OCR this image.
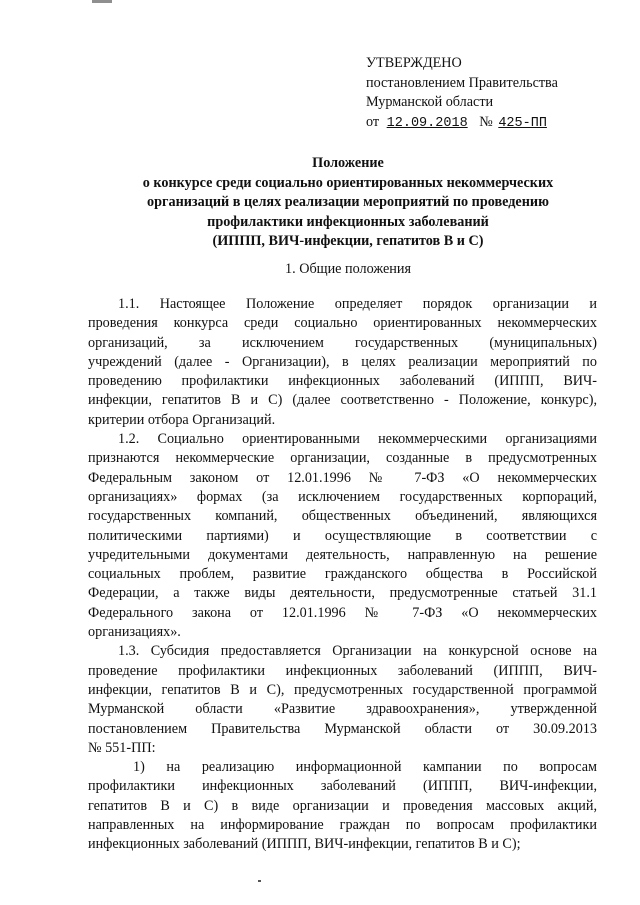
УТВЕРЖДЕНО
постановлением Правительства
Мурманской области
от 12.09.2018 № 425-ПП
Положение
о конкурсе среди социально ориентированных некоммерческих
организаций в целях реализации мероприятий по проведению
профилактики инфекционных заболеваний
(ИППП, ВИЧ-инфекции, гепатитов В и С)
1. Общие положения
1.1. Настоящее Положение определяет порядок организации и
проведения конкурса среди социально ориентированных некоммерческих
организаций, за исключением государственных (муниципальных)
учреждений (далее - Организации), в целях реализации мероприятий по
проведению профилактики инфекционных заболеваний (ИППП, ВИЧ-
инфекции, гепатитов В и С) (далее соответственно - Положение, конкурс),
критерии отбора Организаций.
1.2. Социально ориентированными некоммерческими организациями
признаются некоммерческие организации, созданные в предусмотренных
Федеральным законом от 12.01.1996 № 7-ФЗ «О некоммерческих
организациях» формах (за исключением государственных корпораций,
государственных компаний, общественных объединений, являющихся
политическими партиями) и осуществляющие в соответствии с
учредительными документами деятельность, направленную на решение
социальных проблем, развитие гражданского общества в Российской
Федерации, а также виды деятельности, предусмотренные статьей 31.1
Федерального закона от 12.01.1996 № 7-ФЗ «О некоммерческих
организациях».
1.3. Субсидия предоставляется Организации на конкурсной основе на
проведение профилактики инфекционных заболеваний (ИППП, ВИЧ-
инфекции, гепатитов В и С), предусмотренных государственной программой
Мурманской области «Развитие здравоохранения», утвержденной
постановлением Правительства Мурманской области от 30.09.2013
№ 551-ПП:
1) на реализацию информационной кампании по вопросам
профилактики инфекционных заболеваний (ИППП, ВИЧ-инфекции,
гепатитов В и С) в виде организации и проведения массовых акций,
направленных на информирование граждан по вопросам профилактики
инфекционных заболеваний (ИППП, ВИЧ-инфекции, гепатитов В и С);
